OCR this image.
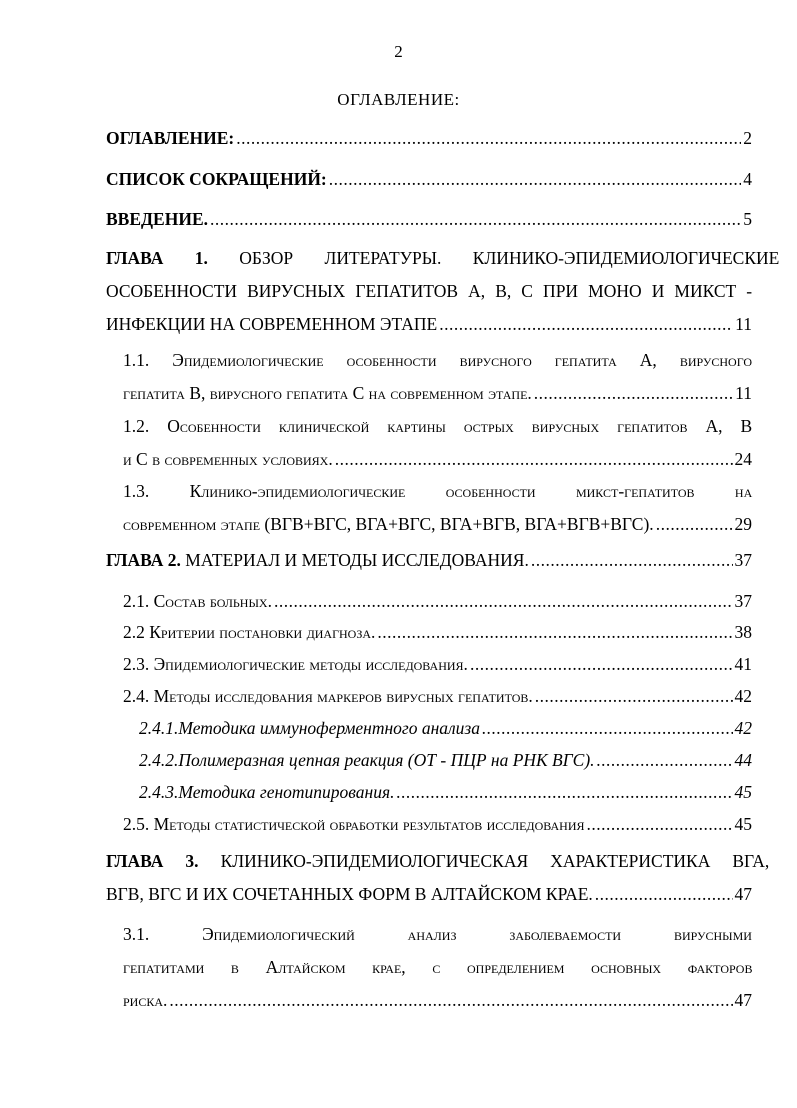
2
ОГЛАВЛЕНИЕ:
ОГЛАВЛЕНИЕ: .....	2
СПИСОК СОКРАЩЕНИЙ: .....	4
ВВЕДЕНИЕ. .....	5
ГЛАВА 1. ОБЗОР ЛИТЕРАТУРЫ. КЛИНИКО-ЭПИДЕМИОЛОГИЧЕСКИЕ
ОСОБЕННОСТИ ВИРУСНЫХ ГЕПАТИТОВ А, В, С ПРИ МОНО И МИКСТ -
ИНФЕКЦИИ НА СОВРЕМЕННОМ ЭТАПЕ .....	11
1.1. Эпидемиологические особенности вирусного гепатита А, вирусного
гепатита В, вирусного гепатита С на современном этапе. .....	11
1.2. Особенности клинической картины острых вирусных гепатитов А, В
и С в современных условиях. .....	24
1.3. Клинико-эпидемиологические особенности микст-гепатитов на
современном этапе (ВГВ+ВГС, ВГА+ВГС, ВГА+ВГВ, ВГА+ВГВ+ВГС). .....	29
ГЛАВА 2. МАТЕРИАЛ И МЕТОДЫ ИССЛЕДОВАНИЯ. .....	37
2.1. Состав больных. .....	37
2.2 Критерии постановки диагноза. .....	38
2.3. Эпидемиологические методы исследования. .....	41
2.4. Методы исследования маркеров вирусных гепатитов. .....	42
2.4.1.Методика иммуноферментного анализа .....	42
2.4.2.Полимеразная цепная реакция (ОТ - ПЦР на РНК ВГС). .....	44
2.4.3.Методика генотипирования. .....	45
2.5. Методы статистической обработки результатов исследования .....	45
ГЛАВА 3. КЛИНИКО-ЭПИДЕМИОЛОГИЧЕСКАЯ ХАРАКТЕРИСТИКА ВГА,
ВГВ, ВГС И ИХ СОЧЕТАННЫХ ФОРМ В АЛТАЙСКОМ КРАЕ. .....	47
3.1.	Эпидемиологический	анализ	заболеваемости	вирусными
гепатитами в Алтайском крае, с определением основных факторов
риска. .....	47
